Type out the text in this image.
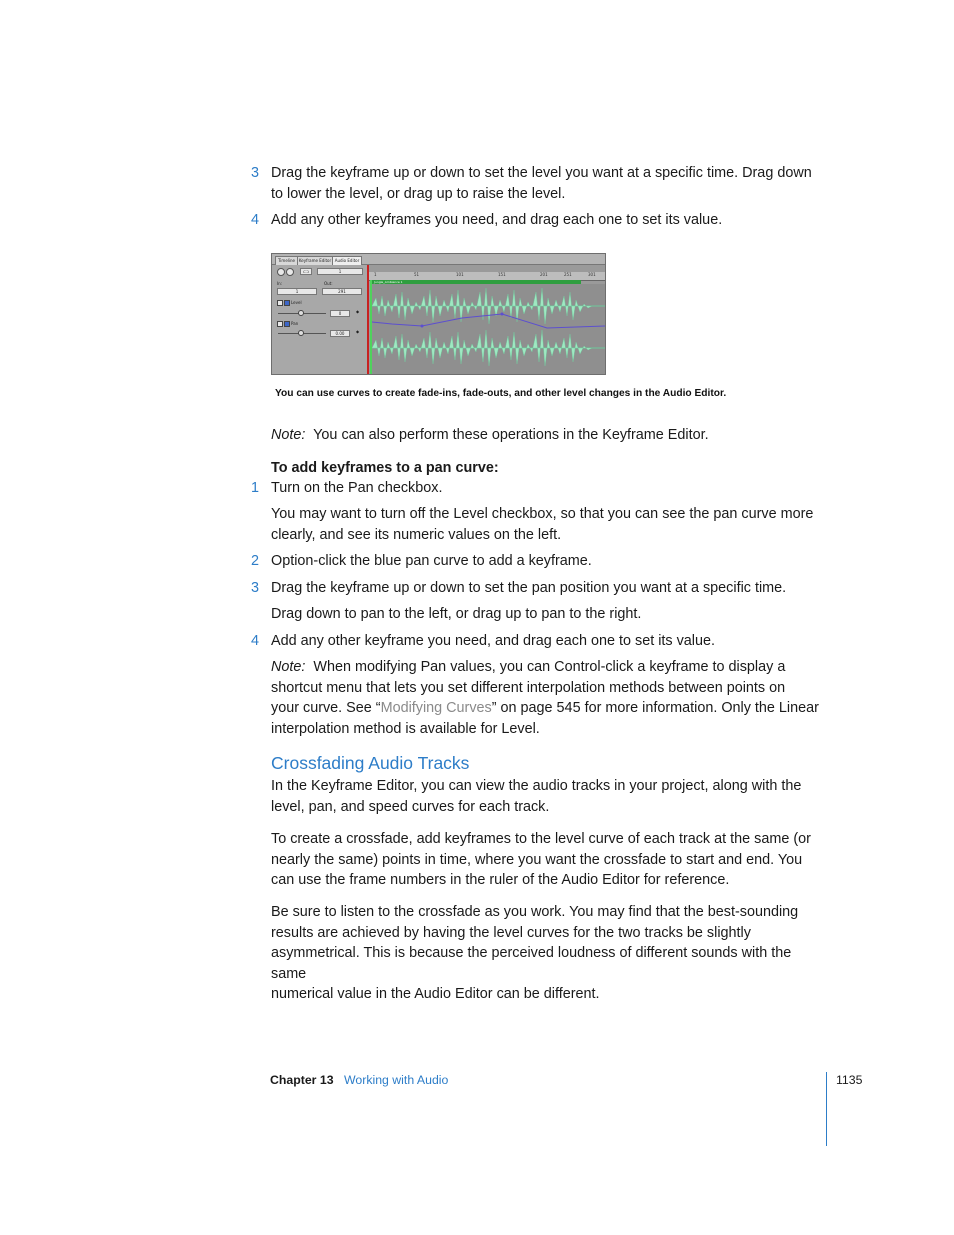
3 Drag the keyframe up or down to set the level you want at a specific time. Drag down
to lower the level, or drag up to raise the level.
4 Add any other keyframes you need, and drag each one to set its value.

Timeline Keyframe Editor Audio Editor
⊂⊃	1
In:	Out:
1	291
Level
0	◆
Pan
0.00	◆
1	51	101	151	201	251	301
Jungle_Ambience 1
You can use curves to create fade-ins, fade-outs, and other level changes in the Audio Editor.

Note: You can also perform these operations in the Keyframe Editor.

To add keyframes to a pan curve:

1 Turn on the Pan checkbox.

You may want to turn off the Level checkbox, so that you can see the pan curve more
clearly, and see its numeric values on the left.
2 Option-click the blue pan curve to add a keyframe.

3 Drag the keyframe up or down to set the pan position you want at a specific time.

Drag down to pan to the left, or drag up to pan to the right.

4 Add any other keyframe you need, and drag each one to set its value.

Note: When modifying Pan values, you can Control-click a keyframe to display a
shortcut menu that lets you set different interpolation methods between points on
your curve. See “Modifying Curves” on page 545 for more information. Only the Linear
interpolation method is available for Level.
Crossfading Audio Tracks
In the Keyframe Editor, you can view the audio tracks in your project, along with the
level, pan, and speed curves for each track.
To create a crossfade, add keyframes to the level curve of each track at the same (or
nearly the same) points in time, where you want the crossfade to start and end. You
can use the frame numbers in the ruler of the Audio Editor for reference.
Be sure to listen to the crossfade as you work. You may find that the best-sounding
results are achieved by having the level curves for the two tracks be slightly
asymmetrical. This is because the perceived loudness of different sounds with the same
numerical value in the Audio Editor can be different.
Chapter 13 Working with Audio	1135
